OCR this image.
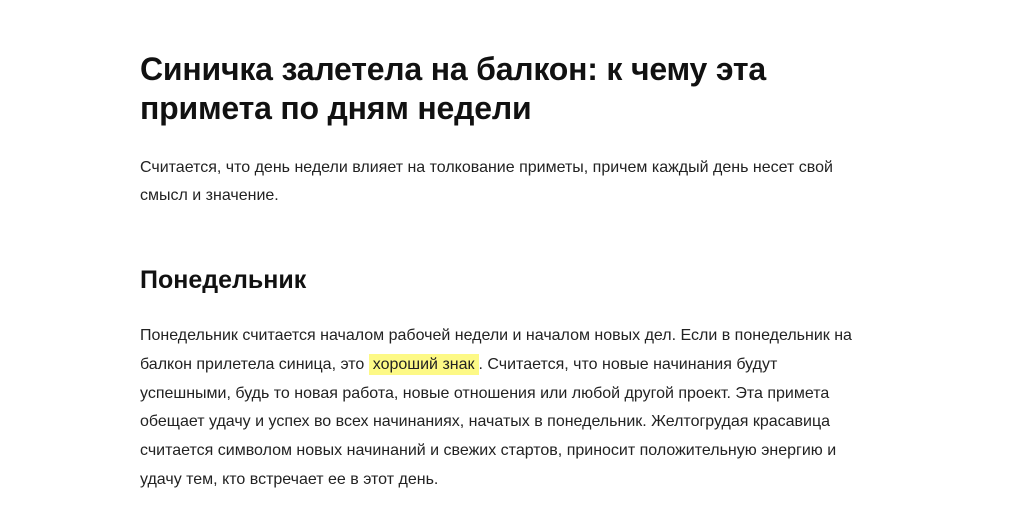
Синичка залетела на балкон: к чему эта примета по дням недели

Считается, что день недели влияет на толкование приметы, причем каждый день несет свой смысл и значение.

Понедельник

Понедельник считается началом рабочей недели и началом новых дел. Если в понедельник на балкон прилетела синица, это хороший знак . Считается, что новые начинания будут успешными, будь то новая работа, новые отношения или любой другой проект. Эта примета обещает удачу и успех во всех начинаниях, начатых в понедельник. Желтогрудая красавица считается символом новых начинаний и свежих стартов, приносит положительную энергию и удачу тем, кто встречает ее в этот день.
